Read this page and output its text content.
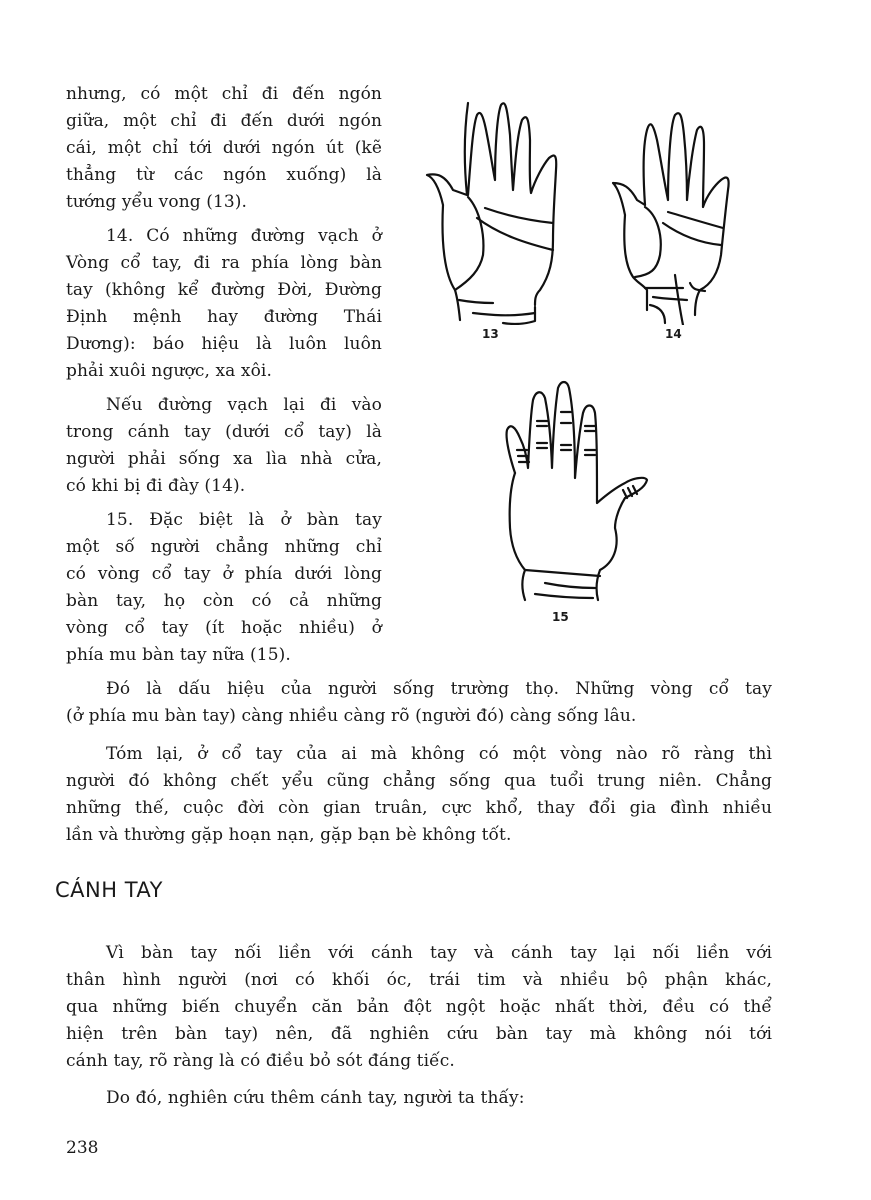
nhưng, có một chỉ đi đến ngón
giữa, một chỉ đi đến dưới ngón
cái, một chỉ tới dưới ngón út (kẽ
thẳng từ các ngón xuống) là
tướng yểu vong (13).
14. Có những đường vạch ở
Vòng cổ tay, đi ra phía lòng bàn
tay (không kể đường Đời, Đường
Định mệnh hay đường Thái
Dương): báo hiệu là luôn luôn
phải xuôi ngược, xa xôi.
Nếu đường vạch lại đi vào
trong cánh tay (dưới cổ tay) là
người phải sống xa lìa nhà cửa,
có khi bị đi đày (14).
15. Đặc biệt là ở bàn tay
một số người chẳng những chỉ
có vòng cổ tay ở phía dưới lòng
bàn tay, họ còn có cả những
vòng cổ tay (ít hoặc nhiều) ở
phía mu bàn tay nữa (15).
13	14
15
Đó là dấu hiệu của người sống trường thọ. Những vòng cổ tay
(ở phía mu bàn tay) càng nhiều càng rõ (người đó) càng sống lâu.
Tóm lại, ở cổ tay của ai mà không có một vòng nào rõ ràng thì
người đó không chết yểu cũng chẳng sống qua tuổi trung niên. Chẳng
những thế, cuộc đời còn gian truân, cực khổ, thay đổi gia đình nhiều
lần và thường gặp hoạn nạn, gặp bạn bè không tốt.
CÁNH TAY
Vì bàn tay nối liền với cánh tay và cánh tay lại nối liền với
thân hình người (nơi có khối óc, trái tim và nhiều bộ phận khác,
qua những biến chuyển căn bản đột ngột hoặc nhất thời, đều có thể
hiện trên bàn tay) nên, đã nghiên cứu bàn tay mà không nói tới
cánh tay, rõ ràng là có điều bỏ sót đáng tiếc.
Do đó, nghiên cứu thêm cánh tay, người ta thấy:
238
